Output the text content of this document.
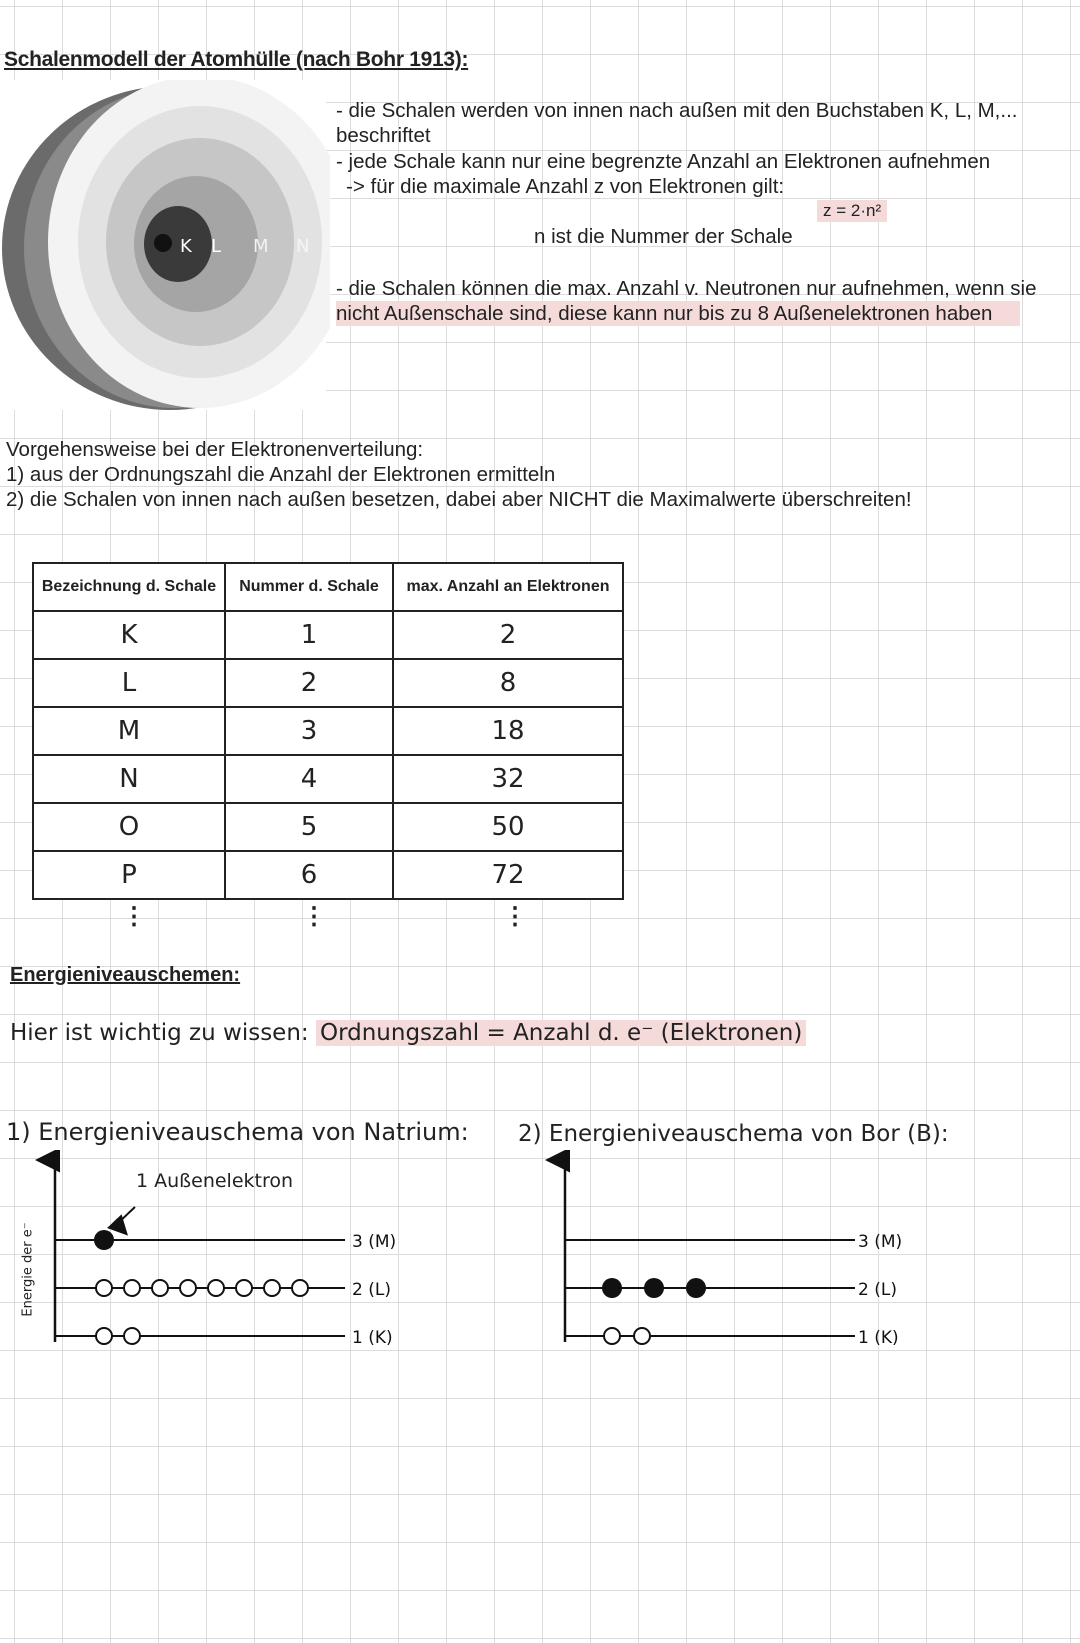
Schalenmodell der Atomhülle (nach Bohr 1913):
K L M N
- die Schalen werden von innen nach außen mit den Buchstaben K, L, M,...
beschriftet
- jede Schale kann nur eine begrenzte Anzahl an Elektronen aufnehmen
-> für die maximale Anzahl z von Elektronen gilt:
z = 2·n²
n ist die Nummer der Schale
- die Schalen können die max. Anzahl v. Neutronen nur aufnehmen, wenn sie
nicht Außenschale sind, diese kann nur bis zu 8 Außenelektronen haben
Vorgehensweise bei der Elektronenverteilung:
1) aus der Ordnungszahl die Anzahl der Elektronen ermitteln
2) die Schalen von innen nach außen besetzen, dabei aber NICHT die Maximalwerte überschreiten!
Bezeichnung d. Schale	Nummer d. Schale	max. Anzahl an Elektronen
K	1	2
L	2	8
M	3	18
N	4	32
O	5	50
P	6	72
⋮	⋮	⋮
Energieniveauschemen:
Hier ist wichtig zu wissen: Ordnungszahl = Anzahl d. e⁻ (Elektronen)
1) Energieniveauschema von Natrium: 2) Energieniveauschema von Bor (B):
1 Außenelektron
Energie der e⁻
1 (K)
2 (L)
3 (M)
1 (K)
2 (L)
3 (M)
